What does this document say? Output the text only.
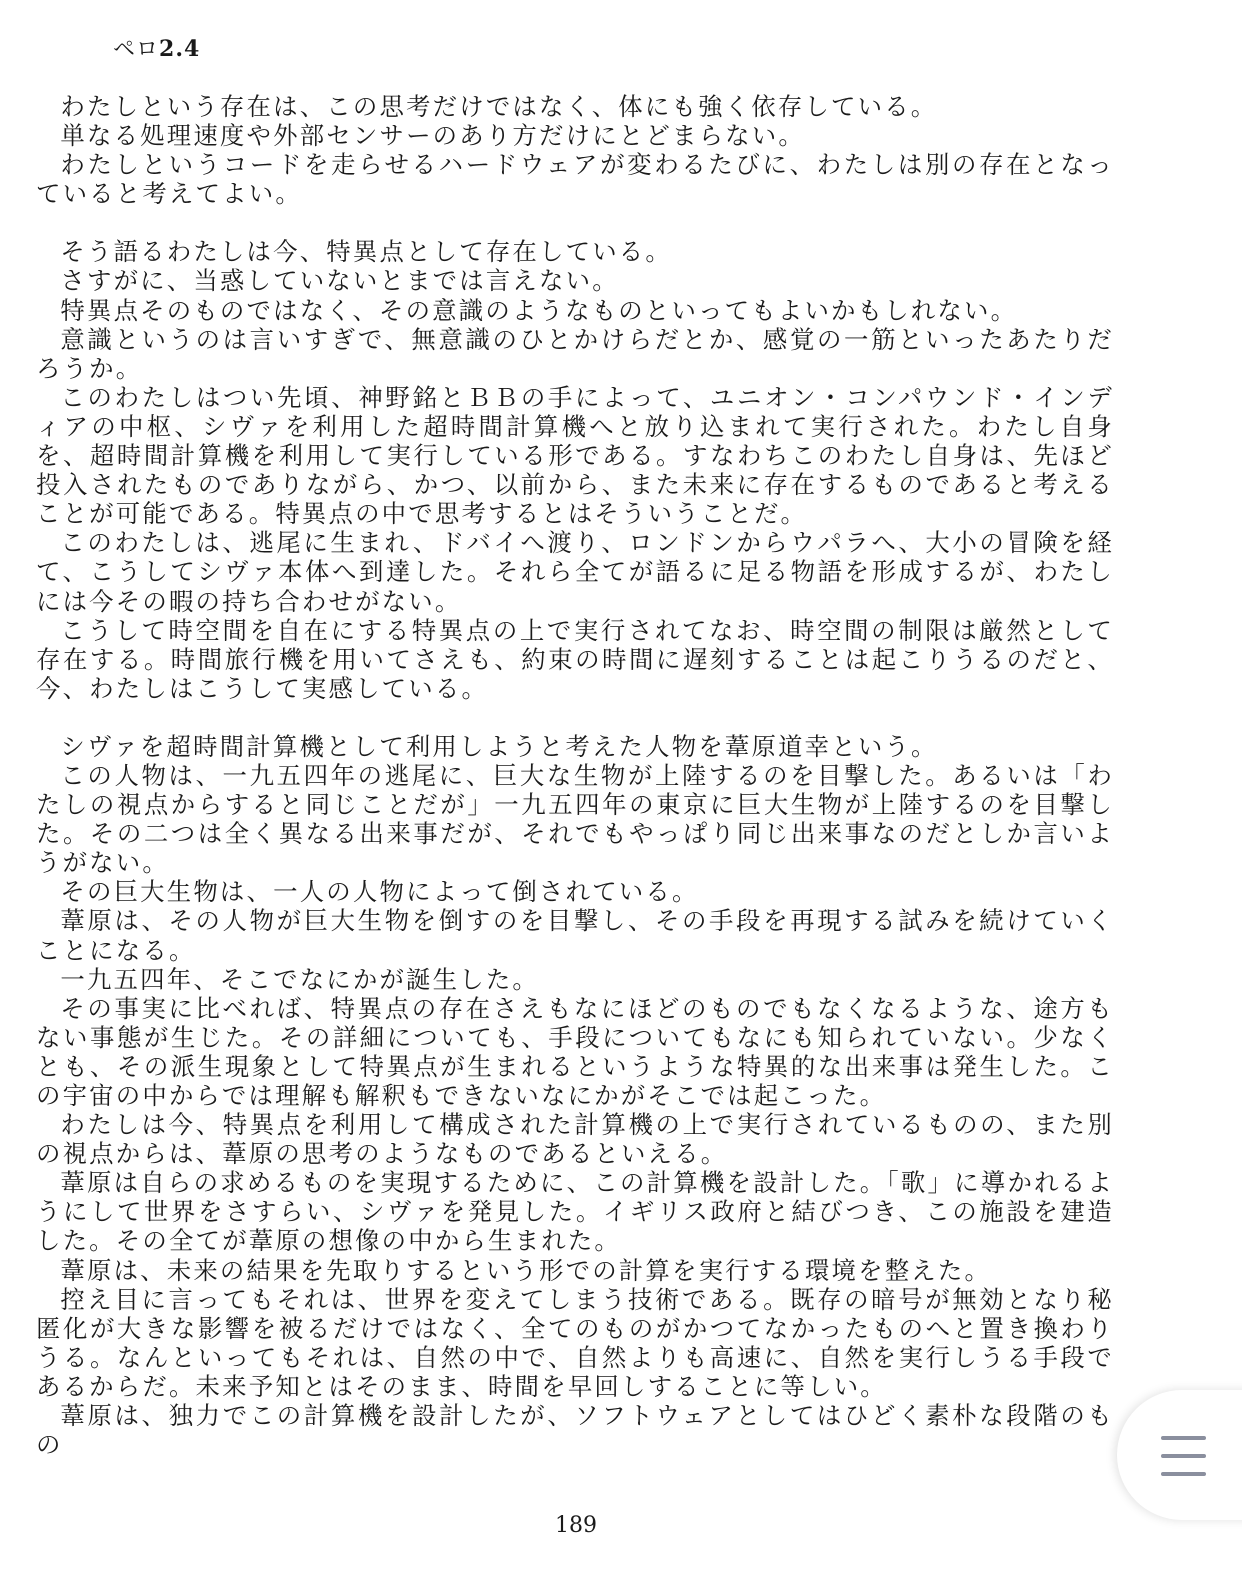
ペロ2.4

わたしという存在は、この思考だけではなく、体にも強く依存している。

単なる処理速度や外部センサーのあり方だけにとどまらない。

わたしというコードを走らせるハードウェアが変わるたびに、わたしは別の存在となっていると考えてよい。

そう語るわたしは今、特異点として存在している。

さすがに、当惑していないとまでは言えない。

特異点そのものではなく、その意識のようなものといってもよいかもしれない。

意識というのは言いすぎで、無意識のひとかけらだとか、感覚の一筋といったあたりだろうか。

このわたしはつい先頃、神野銘とＢＢの手によって、ユニオン・コンパウンド・インディアの中枢、シヴァを利用した超時間計算機へと放り込まれて実行された。わたし自身を、超時間計算機を利用して実行している形である。すなわちこのわたし自身は、先ほど投入されたものでありながら、かつ、以前から、また未来に存在するものであると考えることが可能である。特異点の中で思考するとはそういうことだ。

このわたしは、逃尾に生まれ、ドバイへ渡り、ロンドンからウパラへ、大小の冒険を経て、こうしてシヴァ本体へ到達した。それら全てが語るに足る物語を形成するが、わたしには今その暇の持ち合わせがない。

こうして時空間を自在にする特異点の上で実行されてなお、時空間の制限は厳然として存在する。時間旅行機を用いてさえも、約束の時間に遅刻することは起こりうるのだと、今、わたしはこうして実感している。

シヴァを超時間計算機として利用しようと考えた人物を葦原道幸という。

この人物は、一九五四年の逃尾に、巨大な生物が上陸するのを目撃した。あるいは「わたしの視点からすると同じことだが」一九五四年の東京に巨大生物が上陸するのを目撃した。その二つは全く異なる出来事だが、それでもやっぱり同じ出来事なのだとしか言いようがない。

その巨大生物は、一人の人物によって倒されている。

葦原は、その人物が巨大生物を倒すのを目撃し、その手段を再現する試みを続けていくことになる。

一九五四年、そこでなにかが誕生した。

その事実に比べれば、特異点の存在さえもなにほどのものでもなくなるような、途方もない事態が生じた。その詳細についても、手段についてもなにも知られていない。少なくとも、その派生現象として特異点が生まれるというような特異的な出来事は発生した。この宇宙の中からでは理解も解釈もできないなにかがそこでは起こった。

わたしは今、特異点を利用して構成された計算機の上で実行されているものの、また別の視点からは、葦原の思考のようなものであるといえる。

葦原は自らの求めるものを実現するために、この計算機を設計した。「歌」に導かれるようにして世界をさすらい、シヴァを発見した。イギリス政府と結びつき、この施設を建造した。その全てが葦原の想像の中から生まれた。

葦原は、未来の結果を先取りするという形での計算を実行する環境を整えた。

控え目に言ってもそれは、世界を変えてしまう技術である。既存の暗号が無効となり秘匿化が大きな影響を被るだけではなく、全てのものがかつてなかったものへと置き換わりうる。なんといってもそれは、自然の中で、自然よりも高速に、自然を実行しうる手段であるからだ。未来予知とはそのまま、時間を早回しすることに等しい。

葦原は、独力でこの計算機を設計したが、ソフトウェアとしてはひどく素朴な段階のもの

189
